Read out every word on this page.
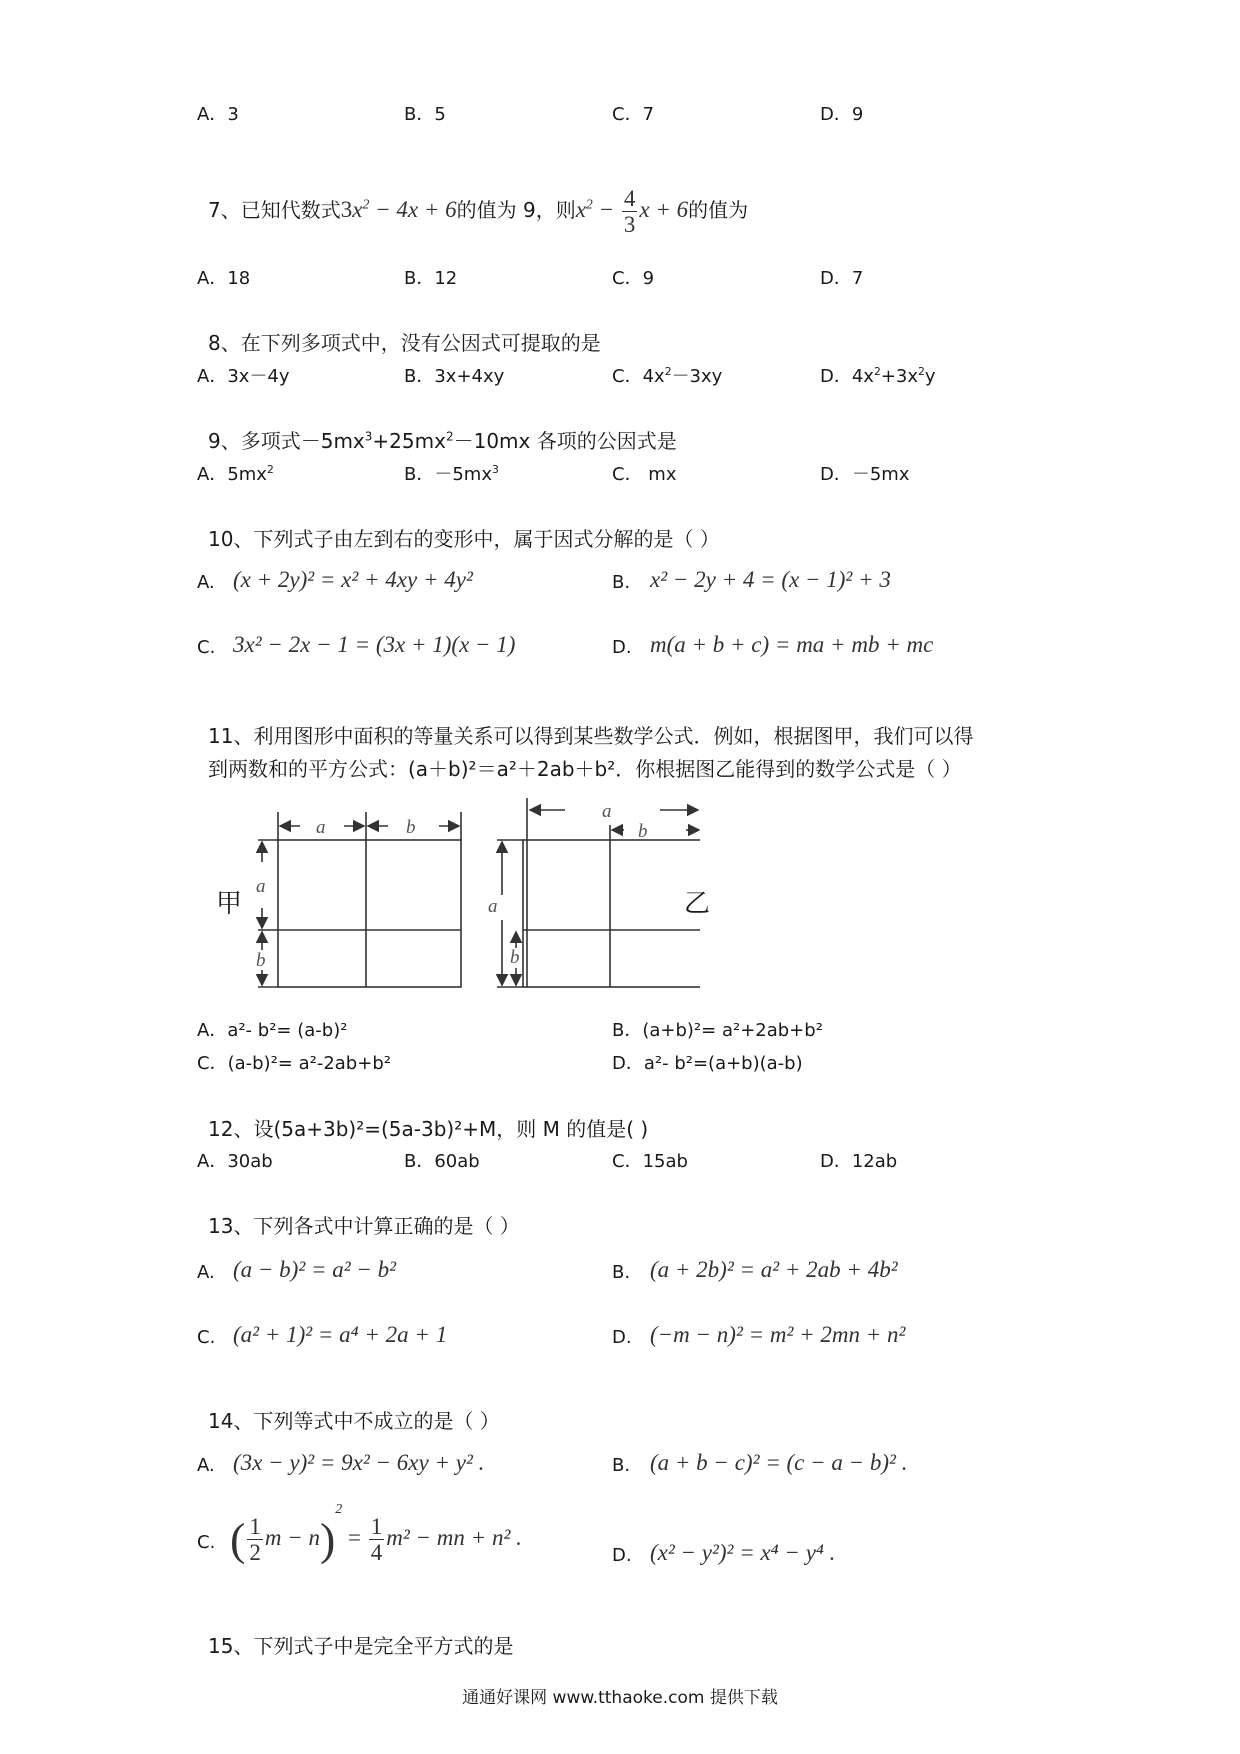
A．3	B．5	C．7	D．9
7、已知代数式$3x^2 - 4x + 6$的值为 9，则$x^2 - \frac{4}{3}$ x + 6的值为
A．18	B．12	C．9	D．7
8、在下列多项式中，没有公因式可提取的是
A．3x－4y	B．3x+4xy	C．$4x^2-3xy$	D．$4x^2+3x^2y$
9、多项式$-5mx^3+25mx^2-10mx$ 各项的公因式是
A．$5mx^2$	B．$-5mx^3$	C． mx	D．－5mx
10、下列式子由左到右的变形中，属于因式分解的是（ ）
A. (x + 2y)² = x² + 4xy + 4y²	B. x² − 2y + 4 = (x − 1)² + 3
C. 3x² − 2x − 1 = (3x + 1)(x − 1)	D. m(a + b + c) = ma + mb + mc
11、利用图形中面积的等量关系可以得到某些数学公式．例如，根据图甲，我们可以得
到两数和的平方公式：(a＋b)²＝a²＋2ab＋b²．你根据图乙能得到的数学公式是（ ）
甲	乙
a	b
a
b
a
b
a
b
A．a²- b²= (a-b)²	B．(a+b)²= a²+2ab+b²
C．(a-b)²= a²-2ab+b²	D．a²- b²=(a+b)(a-b)
12、设(5a+3b)²=(5a-3b)²+M，则 M 的值是( )
A．30ab	B．60ab	C．15ab	D．12ab
13、下列各式中计算正确的是（ ）
A. (a − b)² = a² − b²	B. (a + 2b)² = a² + 2ab + 4b²
C. (a² + 1)² = a⁴ + 2a + 1	D. (−m − n)² = m² + 2mn + n²
14、下列等式中不成立的是（ ）
A. (3x − y)² = 9x² − 6xy + y² .	B. (a + b − c)² = (c − a − b)² .
C. ( $\frac{1}{2}$ $m - n)^2 = \frac{1}{4} m^2$ − mn + n² .
D. (x² − y²)² = x⁴ − y⁴ .
15、下列式子中是完全平方式的是
通通好课网 www.tthaoke.com 提供下载
